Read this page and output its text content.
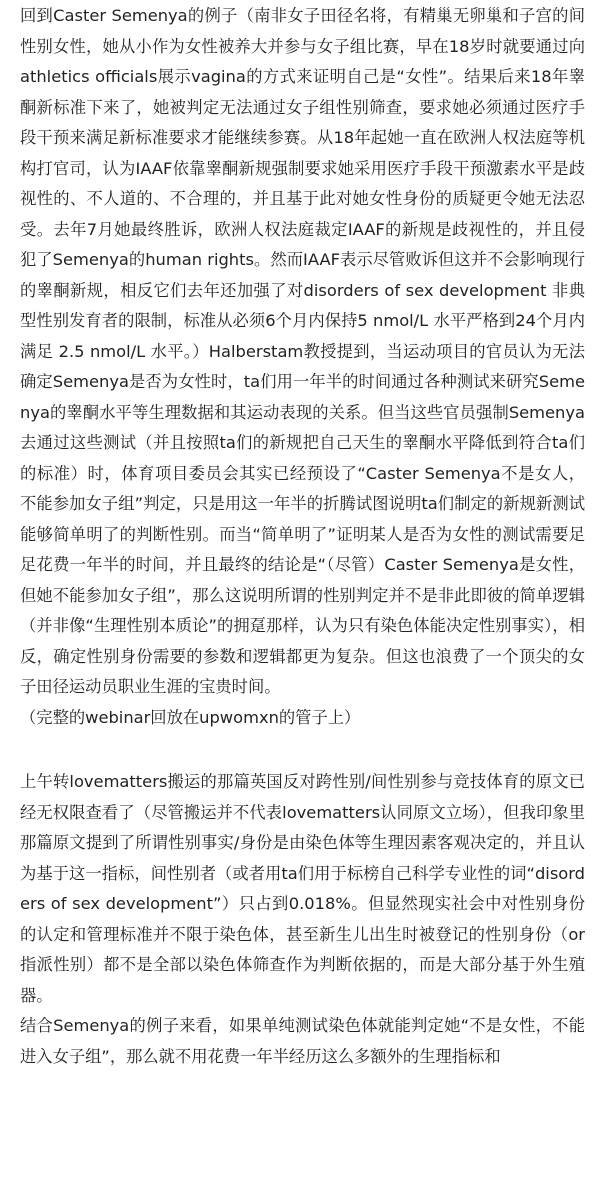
回到Caster Semenya的例子（南非女子田径名将，有精巢无卵巢和子宫的间性别女性，她从小作为女性被养大并参与女子组比赛，早在18岁时就要通过向athletics officials展示vagina的方式来证明自己是“女性”。结果后来18年睾酮新标准下来了，她被判定无法通过女子组性别筛查，要求她必须通过医疗手段干预来满足新标准要求才能继续参赛。从18年起她一直在欧洲人权法庭等机构打官司，认为IAAF依靠睾酮新规强制要求她采用医疗手段干预激素水平是歧视性的、不人道的、不合理的，并且基于此对她女性身份的质疑更令她无法忍受。去年7月她最终胜诉，欧洲人权法庭裁定IAAF的新规是歧视性的，并且侵犯了Semenya的human rights。然而IAAF表示尽管败诉但这并不会影响现行的睾酮新规，相反它们去年还加强了对disorders of sex development 非典型性别发育者的限制，标准从必须6个月内保持5 nmol/L 水平严格到24个月内满足 2.5 nmol/L 水平。）Halberstam教授提到，当运动项目的官员认为无法确定Semenya是否为女性时，ta们用一年半的时间通过各种测试来研究Semenya的睾酮水平等生理数据和其运动表现的关系。但当这些官员强制Semenya去通过这些测试（并且按照ta们的新规把自己天生的睾酮水平降低到符合ta们的标准）时，体育项目委员会其实已经预设了“Caster Semenya不是女人，不能参加女子组”判定，只是用这一年半的折腾试图说明ta们制定的新规新测试能够简单明了的判断性别。而当“简单明了”证明某人是否为女性的测试需要足足花费一年半的时间，并且最终的结论是“（尽管）Caster Semenya是女性，但她不能参加女子组”，那么这说明所谓的性别判定并不是非此即彼的简单逻辑（并非像“生理性别本质论”的拥趸那样，认为只有染色体能决定性别事实），相反，确定性别身份需要的参数和逻辑都更为复杂。但这也浪费了一个顶尖的女子田径运动员职业生涯的宝贵时间。

（完整的webinar回放在upwomxn的管子上）

上午转lovematters搬运的那篇英国反对跨性别/间性别参与竞技体育的原文已经无权限查看了（尽管搬运并不代表lovematters认同原文立场），但我印象里那篇原文提到了所谓性别事实/身份是由染色体等生理因素客观决定的，并且认为基于这一指标，间性别者（或者用ta们用于标榜自己科学专业性的词“disorders of sex development”）只占到0.018%。但显然现实社会中对性别身份的认定和管理标准并不限于染色体，甚至新生儿出生时被登记的性别身份（or指派性别）都不是全部以染色体筛查作为判断依据的，而是大部分基于外生殖器。

结合Semenya的例子来看，如果单纯测试染色体就能判定她“不是女性，不能进入女子组”，那么就不用花费一年半经历这么多额外的生理指标和
